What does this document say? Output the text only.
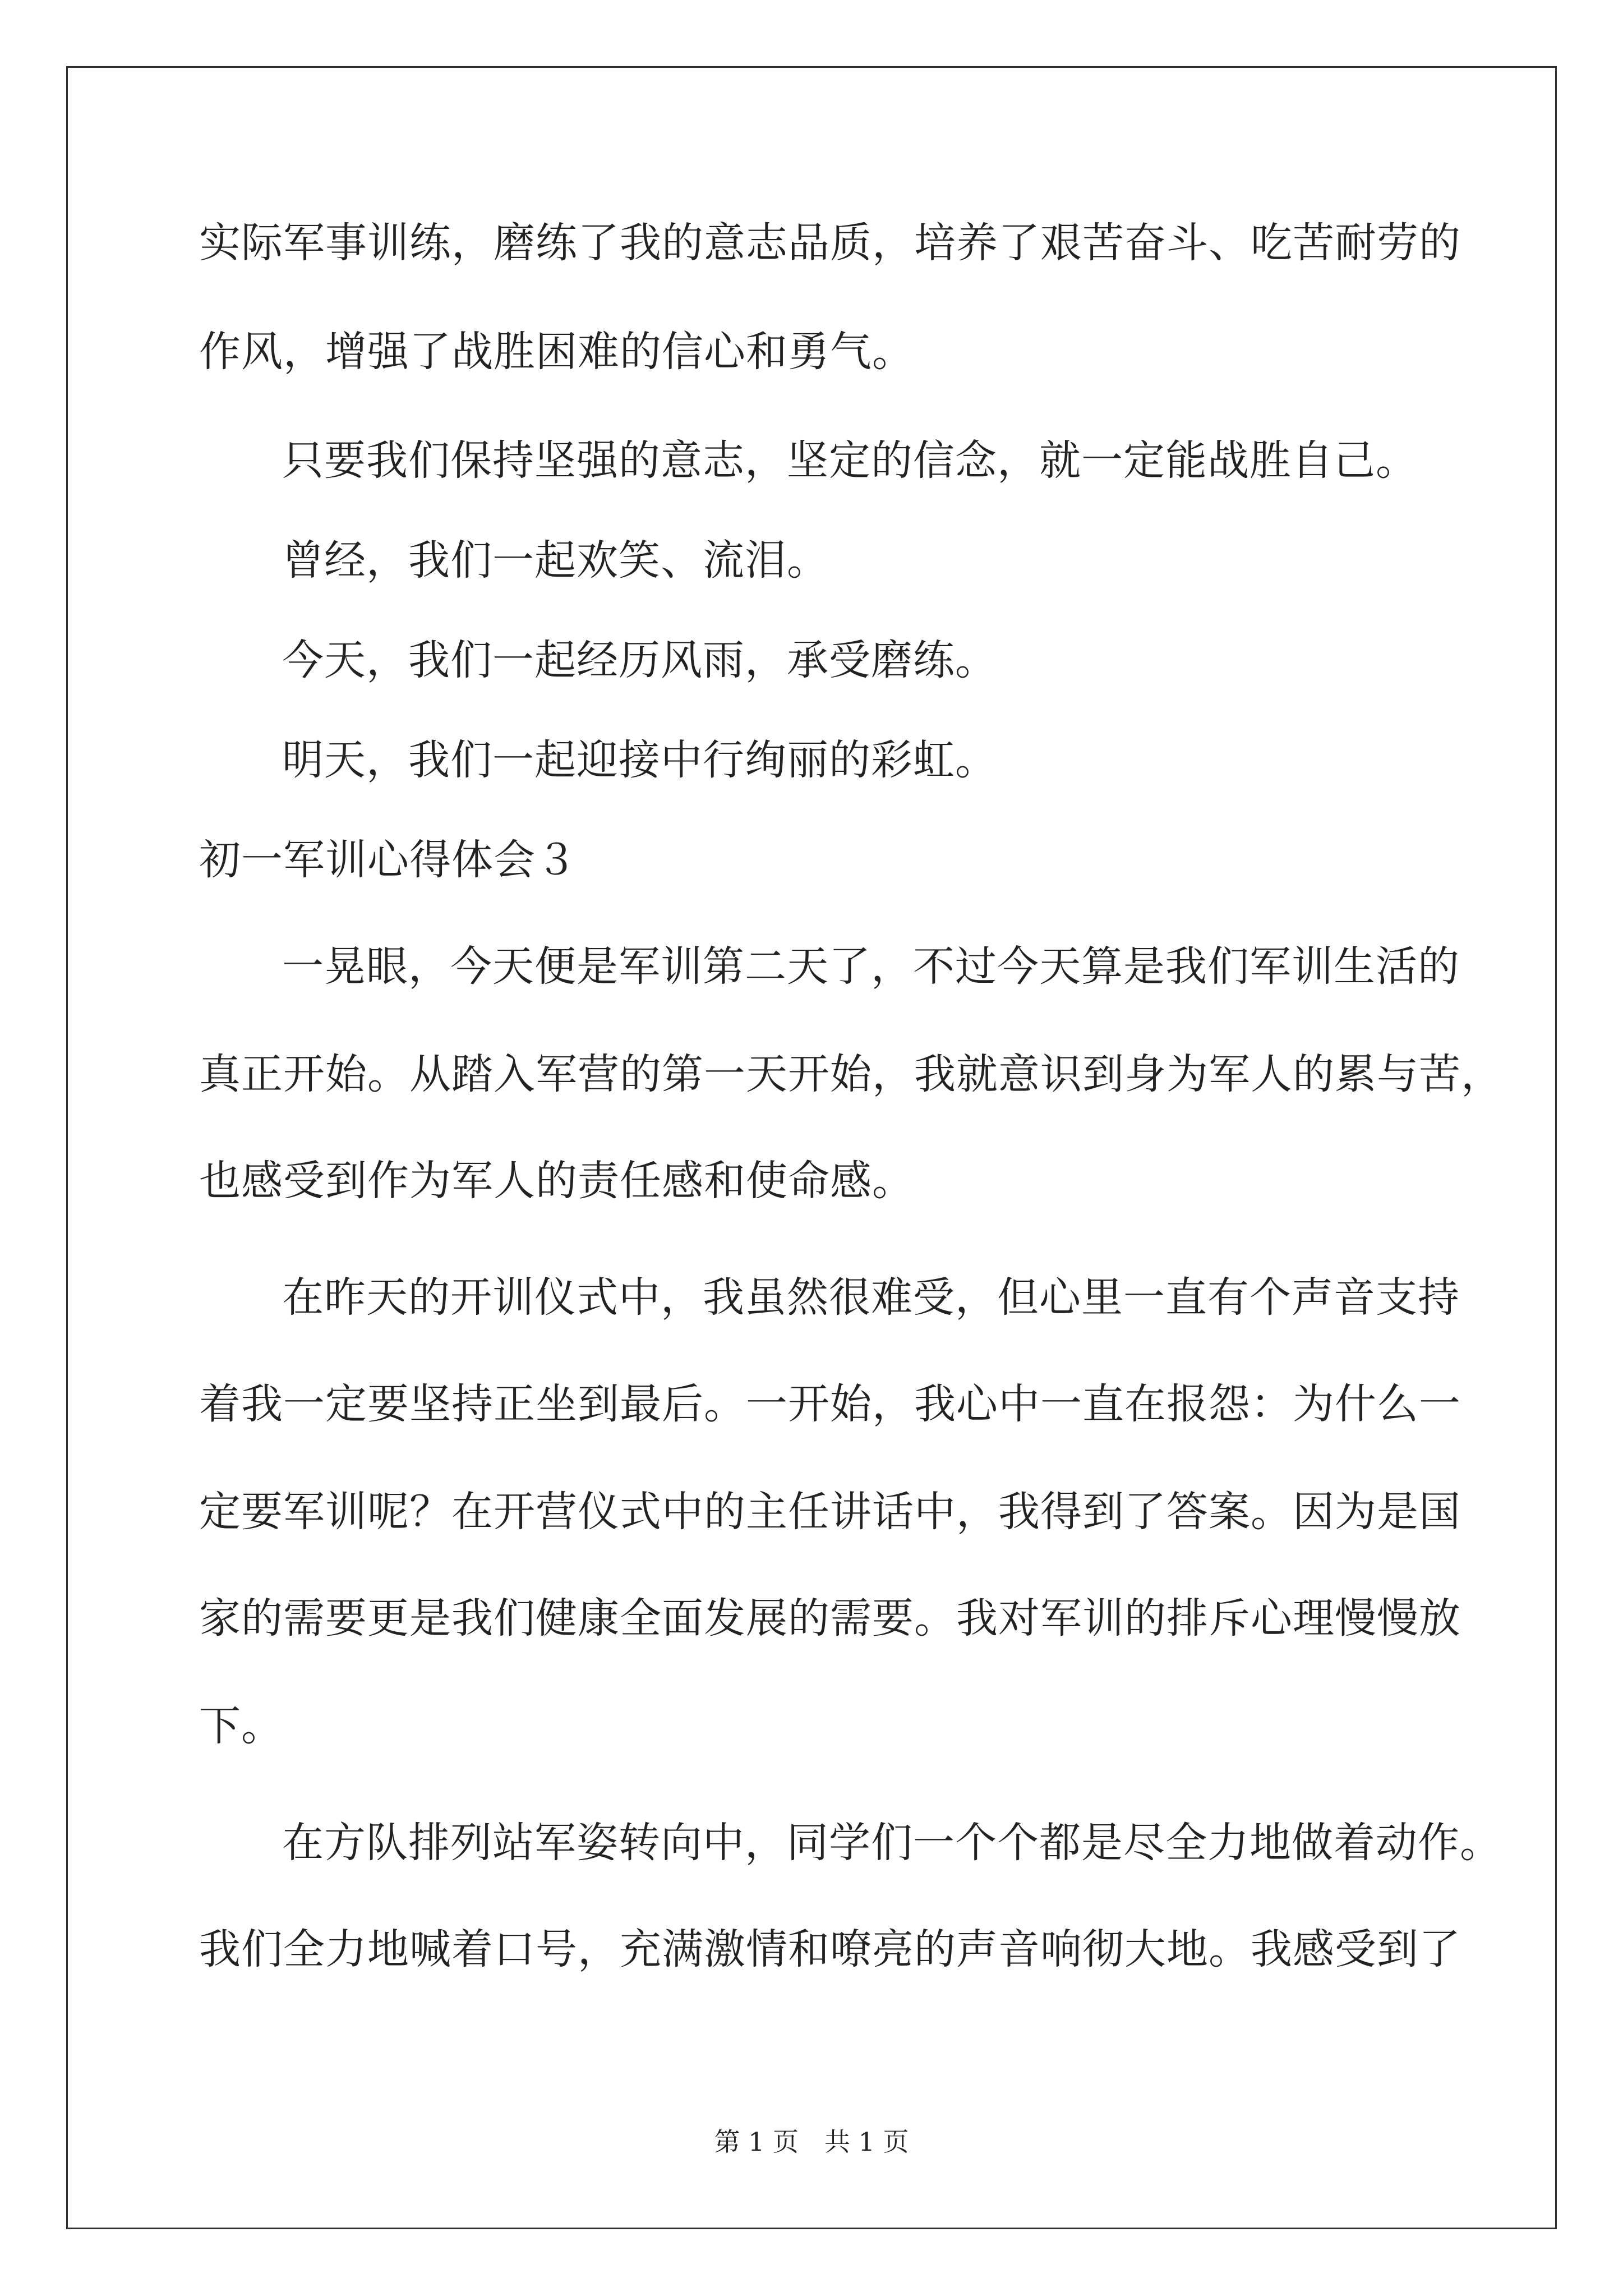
实际军事训练，磨练了我的意志品质，培养了艰苦奋斗、吃苦耐劳的
作风，增强了战胜困难的信心和勇气。
只要我们保持坚强的意志，坚定的信念，就一定能战胜自己。
曾经，我们一起欢笑、流泪。
今天，我们一起经历风雨，承受磨练。
明天，我们一起迎接中行绚丽的彩虹。
初一军训心得体会３
一晃眼，今天便是军训第二天了，不过今天算是我们军训生活的
真正开始。从踏入军营的第一天开始，我就意识到身为军人的累与苦，
也感受到作为军人的责任感和使命感。
在昨天的开训仪式中，我虽然很难受，但心里一直有个声音支持
着我一定要坚持正坐到最后。一开始，我心中一直在报怨：为什么一
定要军训呢？在开营仪式中的主任讲话中，我得到了答案。因为是国
家的需要更是我们健康全面发展的需要。我对军训的排斥心理慢慢放
下。
在方队排列站军姿转向中，同学们一个个都是尽全力地做着动作。
我们全力地喊着口号，充满激情和嘹亮的声音响彻大地。我感受到了
第 1 页　共 1 页
